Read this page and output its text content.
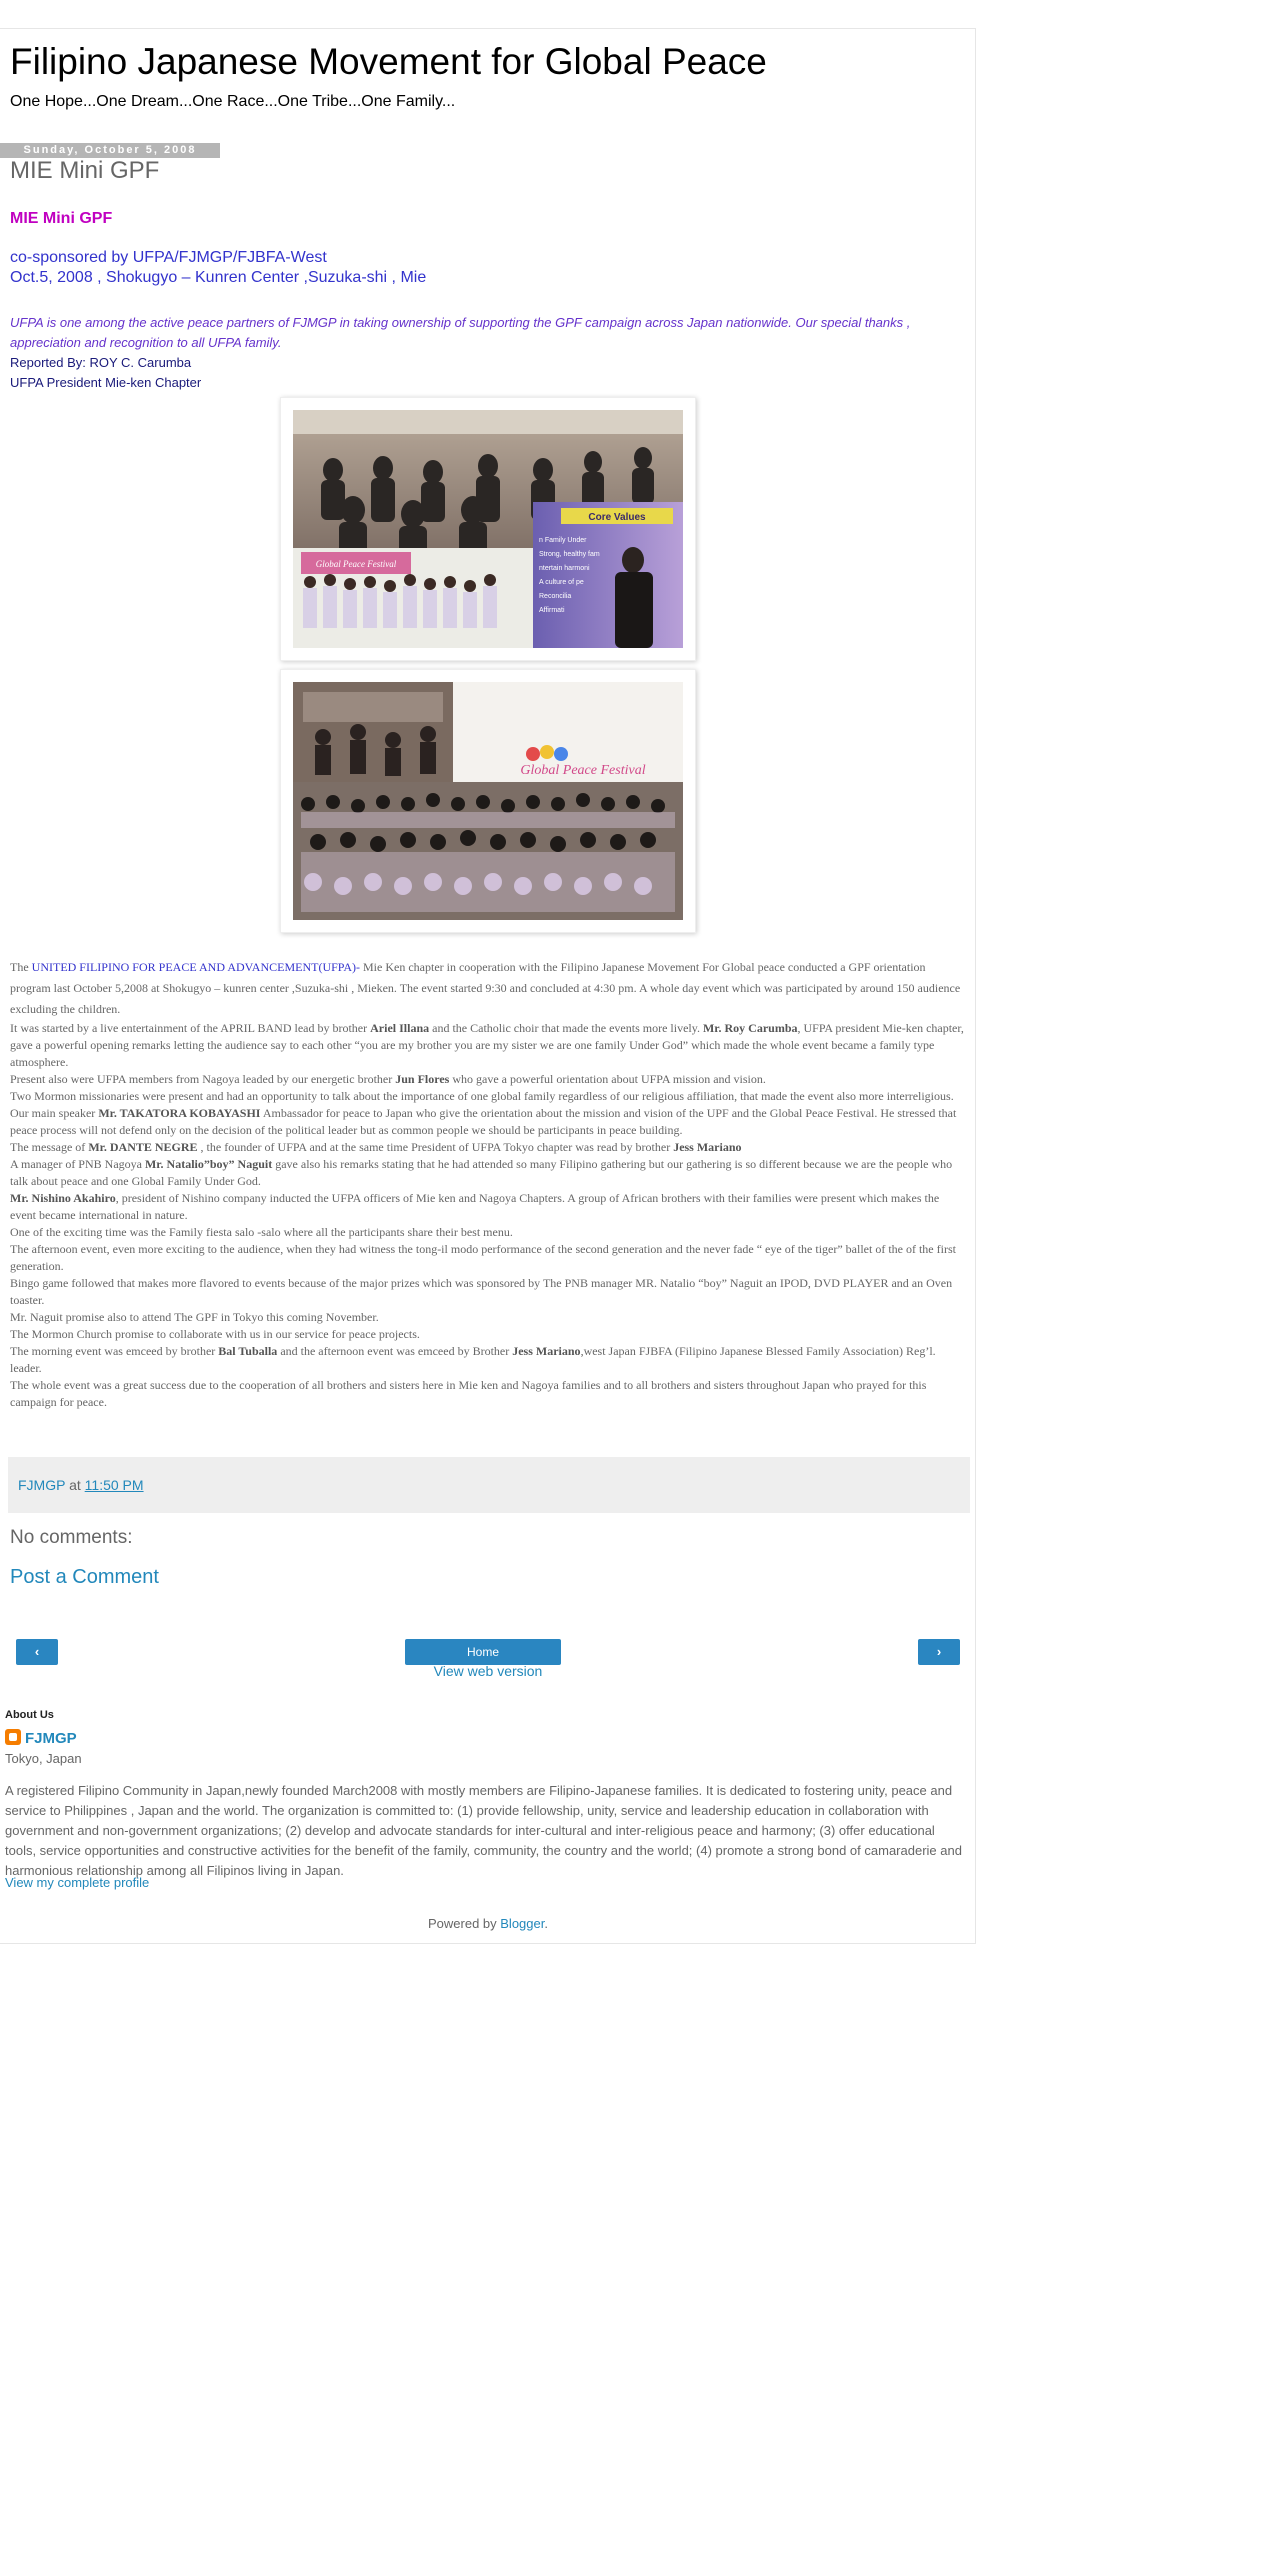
Filipino Japanese Movement for Global Peace
One Hope...One Dream...One Race...One Tribe...One Family...
Sunday, October 5, 2008
MIE Mini GPF
MIE Mini GPF
co-sponsored by UFPA/FJMGP/FJBFA-West
Oct.5, 2008 , Shokugyo – Kunren Center ,Suzuka-shi , Mie
UFPA is one among the active peace partners of FJMGP in taking ownership of supporting the GPF campaign across Japan nationwide. Our special thanks , appreciation and recognition to all UFPA family.
Reported By: ROY C. Carumba
UFPA President Mie-ken Chapter
Core Values
n Family Under
Strong, healthy fam
ntertain harmoni
A culture of pe
Reconcilia
Affirmati
Global Peace Festival
Global Peace Festival

The UNITED FILIPINO FOR PEACE AND ADVANCEMENT(UFPA)- Mie Ken chapter in cooperation with the Filipino Japanese Movement For Global peace conducted a GPF orientation program last October 5,2008 at Shokugyo – kunren center ,Suzuka-shi , Mieken. The event started 9:30 and concluded at 4:30 pm. A whole day event which was participated by around 150 audience excluding the children.

It was started by a live entertainment of the APRIL BAND lead by brother Ariel Illana and the Catholic choir that made the events more lively. Mr. Roy Carumba, UFPA president Mie-ken chapter, gave a powerful opening remarks letting the audience say to each other “you are my brother you are my sister we are one family Under God” which made the whole event became a family type atmosphere.

Present also were UFPA members from Nagoya leaded by our energetic brother Jun Flores who gave a powerful orientation about UFPA mission and vision.

Two Mormon missionaries were present and had an opportunity to talk about the importance of one global family regardless of our religious affiliation, that made the event also more interreligious.

Our main speaker Mr. TAKATORA KOBAYASHI Ambassador for peace to Japan who give the orientation about the mission and vision of the UPF and the Global Peace Festival. He stressed that peace process will not defend only on the decision of the political leader but as common people we should be participants in peace building.

The message of Mr. DANTE NEGRE , the founder of UFPA and at the same time President of UFPA Tokyo chapter was read by brother Jess Mariano

A manager of PNB Nagoya Mr. Natalio”boy” Naguit gave also his remarks stating that he had attended so many Filipino gathering but our gathering is so different because we are the people who talk about peace and one Global Family Under God.

Mr. Nishino Akahiro, president of Nishino company inducted the UFPA officers of Mie ken and Nagoya Chapters. A group of African brothers with their families were present which makes the event became international in nature.

One of the exciting time was the Family fiesta salo -salo where all the participants share their best menu.

The afternoon event, even more exciting to the audience, when they had witness the tong-il modo performance of the second generation and the never fade “ eye of the tiger” ballet of the of the first generation.

Bingo game followed that makes more flavored to events because of the major prizes which was sponsored by The PNB manager MR. Natalio “boy” Naguit an IPOD, DVD PLAYER and an Oven toaster.

Mr. Naguit promise also to attend The GPF in Tokyo this coming November.

The Mormon Church promise to collaborate with us in our service for peace projects.

The morning event was emceed by brother Bal Tuballa and the afternoon event was emceed by Brother Jess Mariano,west Japan FJBFA (Filipino Japanese Blessed Family Association) Reg’l. leader.

The whole event was a great success due to the cooperation of all brothers and sisters here in Mie ken and Nagoya families and to all brothers and sisters throughout Japan who prayed for this campaign for peace.

FJMGP at 11:50 PM
No comments:
Post a Comment
‹	Home	›
View web version
About Us
FJMGP
Tokyo, Japan
A registered Filipino Community in Japan,newly founded March2008 with mostly members are Filipino-Japanese families. It is dedicated to fostering unity, peace and service to Philippines , Japan and the world. The organization is committed to: (1) provide fellowship, unity, service and leadership education in collaboration with government and non-government organizations; (2) develop and advocate standards for inter-cultural and inter-religious peace and harmony; (3) offer educational tools, service opportunities and constructive activities for the benefit of the family, community, the country and the world; (4) promote a strong bond of camaraderie and harmonious relationship among all Filipinos living in Japan.
View my complete profile
Powered by Blogger.
